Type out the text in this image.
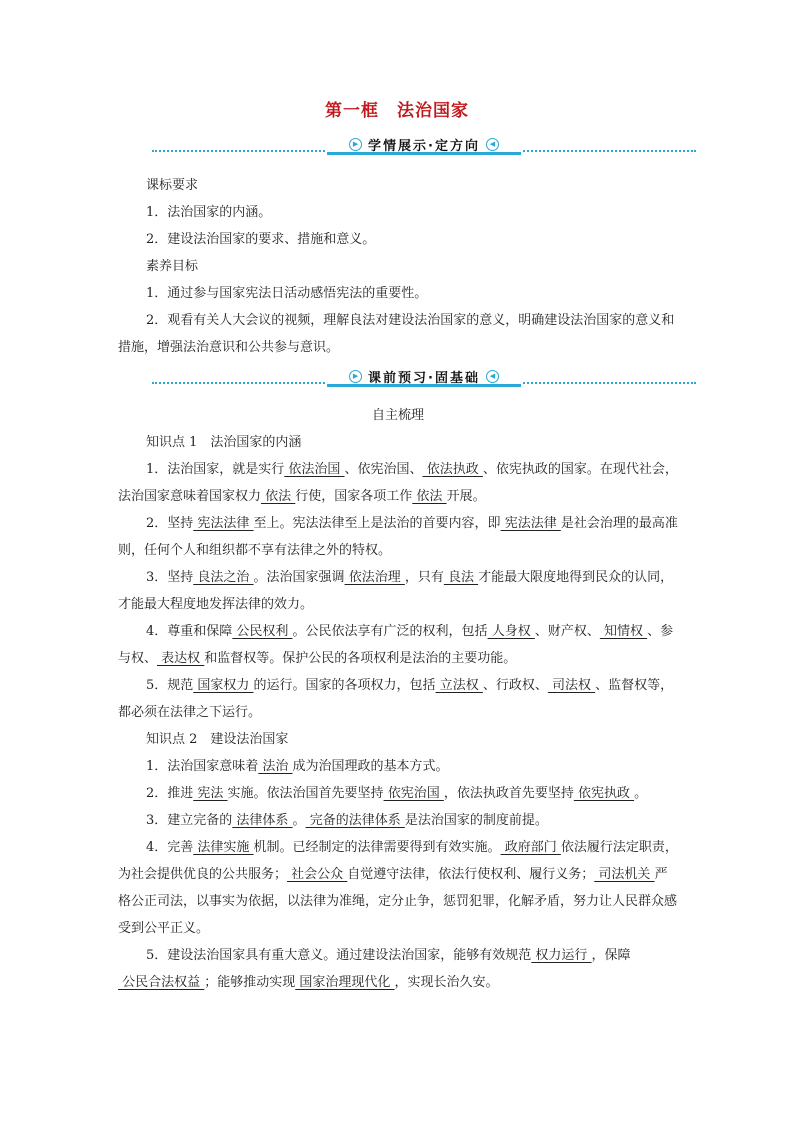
第一框　法治国家
▶ 学情展示·定方向	◀

课标要求

1．法治国家的内涵。

2．建设法治国家的要求、措施和意义。

素养目标

1．通过参与国家宪法日活动感悟宪法的重要性。

2．观看有关人大会议的视频，理解良法对建设法治国家的意义，明确建设法治国家的意义和措施，增强法治意识和公共参与意识。

▶ 课前预习·固基础	◀

自主梳理

知识点 1　法治国家的内涵

1．法治国家，就是实行 依法治国 、依宪治国、 依法执政 、依宪执政的国家。在现代社会，法治国家意味着国家权力 依法 行使，国家各项工作 依法 开展。

2．坚持 宪法法律 至上。宪法法律至上是法治的首要内容，即 宪法法律 是社会治理的最高准则，任何个人和组织都不享有法律之外的特权。

3．坚持 良法之治 。法治国家强调 依法治理 ，只有 良法 才能最大限度地得到民众的认同，才能最大程度地发挥法律的效力。

4．尊重和保障 公民权利 。公民依法享有广泛的权利，包括 人身权 、财产权、 知情权 、参与权、 表达权 和监督权等。保护公民的各项权利是法治的主要功能。

5．规范 国家权力 的运行。国家的各项权力，包括 立法权 、行政权、 司法权 、监督权等，都必须在法律之下运行。

知识点 2　建设法治国家

1．法治国家意味着 法治 成为治国理政的基本方式。

2．推进 宪法 实施。依法治国首先要坚持 依宪治国 ，依法执政首先要坚持 依宪执政 。

3．建立完备的 法律体系 。 完备的法律体系 是法治国家的制度前提。

4．完善 法律实施 机制。已经制定的法律需要得到有效实施。 政府部门 依法履行法定职责，为社会提供优良的公共服务； 社会公众 自觉遵守法律，依法行使权利、履行义务； 司法机关 严格公正司法，以事实为依据，以法律为准绳，定分止争，惩罚犯罪，化解矛盾，努力让人民群众感受到公平正义。

5．建设法治国家具有重大意义。通过建设法治国家，能够有效规范 权力运行 ，保障 公民合法权益 ；能够推动实现 国家治理现代化 ，实现长治久安。
